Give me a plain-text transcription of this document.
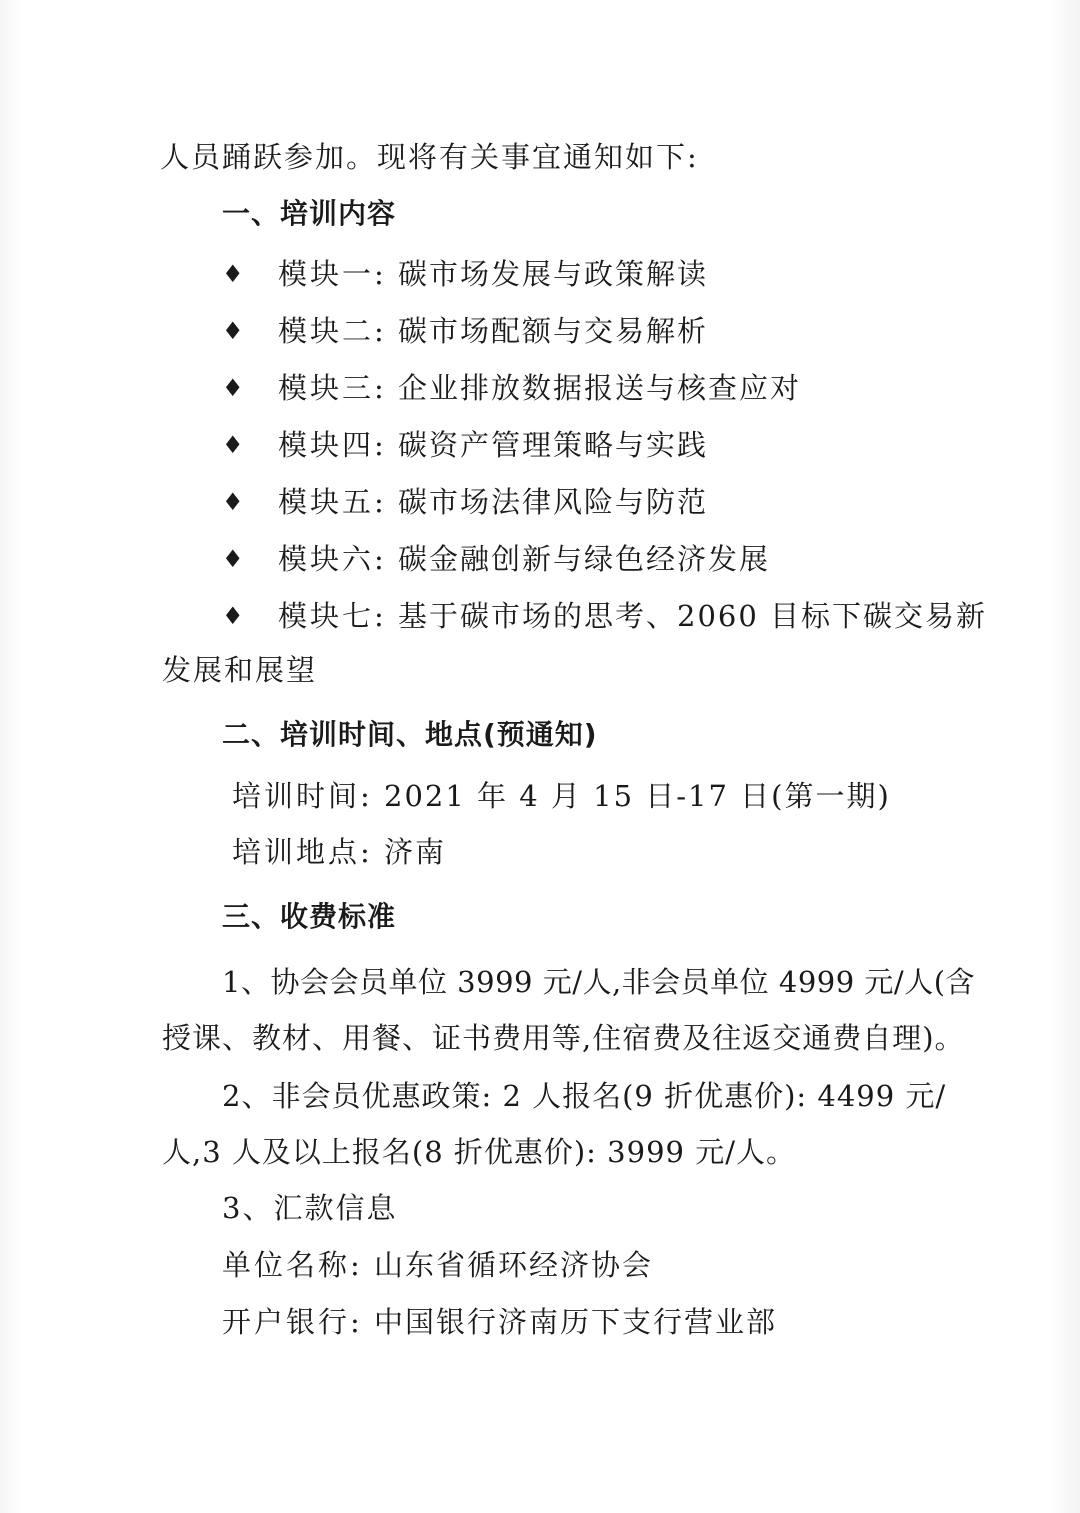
人员踊跃参加。现将有关事宜通知如下:
一、培训内容
♦ 模块一: 碳市场发展与政策解读
♦ 模块二: 碳市场配额与交易解析
♦ 模块三: 企业排放数据报送与核查应对
♦ 模块四: 碳资产管理策略与实践
♦ 模块五: 碳市场法律风险与防范
♦ 模块六: 碳金融创新与绿色经济发展
♦ 模块七: 基于碳市场的思考、2060 目标下碳交易新
发展和展望
二、培训时间、地点(预通知)
培训时间: 2021 年 4 月 15 日-17 日(第一期)
培训地点: 济南
三、收费标准
1、协会会员单位 3999 元/人,非会员单位 4999 元/人(含
授课、教材、用餐、证书费用等,住宿费及往返交通费自理)。
2、非会员优惠政策: 2 人报名(9 折优惠价): 4499 元/
人,3 人及以上报名(8 折优惠价): 3999 元/人。
3、汇款信息
单位名称: 山东省循环经济协会
开户银行: 中国银行济南历下支行营业部
